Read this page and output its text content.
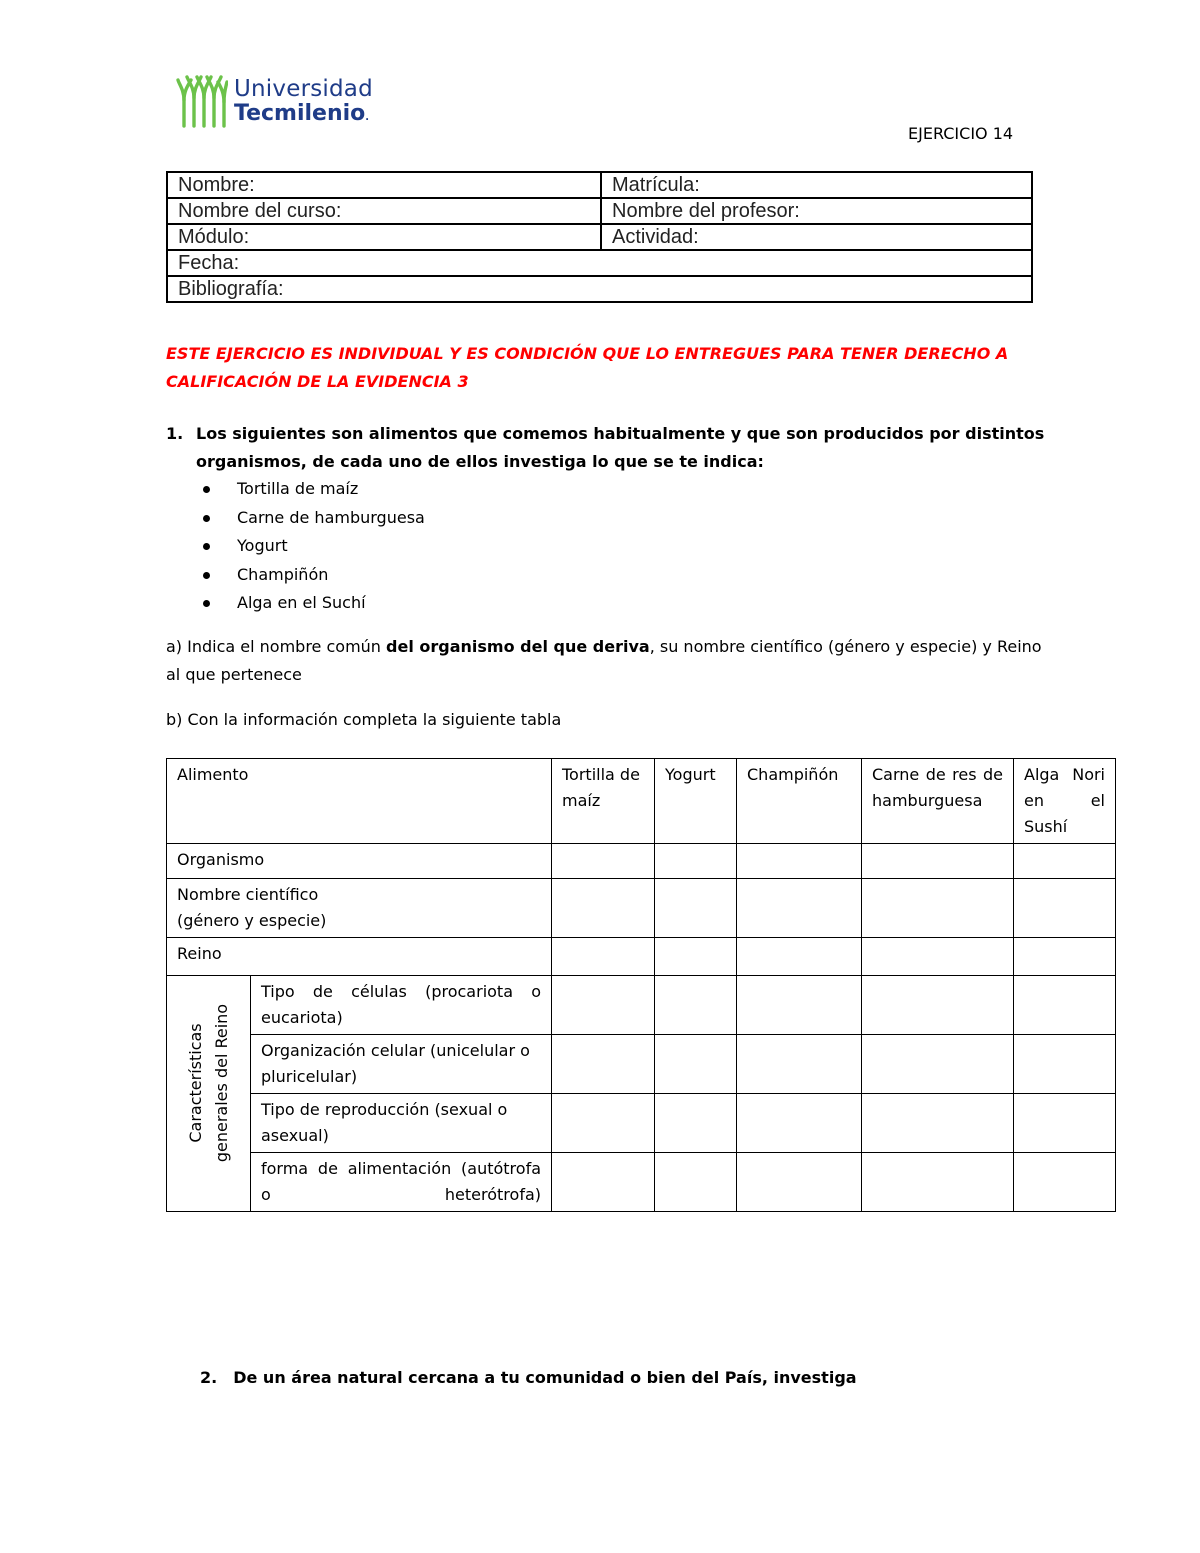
Universidad
Tecmilenio.
EJERCICIO 14
Nombre:	Matrícula:
Nombre del curso:	Nombre del profesor:
Módulo:	Actividad:
Fecha:	
Bibliografía:	
ESTE EJERCICIO ES INDIVIDUAL Y ES CONDICIÓN QUE LO ENTREGUES PARA TENER DERECHO A CALIFICACIÓN DE LA EVIDENCIA 3
1. Los siguientes son alimentos que comemos habitualmente y que son producidos por distintos organismos, de cada uno de ellos investiga lo que se te indica:
Tortilla de maíz
Carne de hamburguesa
Yogurt
Champiñón
Alga en el Suchí
a) Indica el nombre común del organismo del que deriva, su nombre científico (género y especie) y Reino al que pertenece
b) Con la información completa la siguiente tabla
Alimento		Tortilla de maíz	Yogurt	Champiñón	Carne de res de hamburguesa	Alga Nori en el Sushí
Organismo						

Nombre científico (género y especie)						

Reino						

Características generales del Reino	Tipo de células (procariota o eucariota)					
	Organización celular (unicelular o pluricelular)					
	Tipo de reproducción (sexual o asexual)					
	forma de alimentación (autótrofa o heterótrofa)					
2. De un área natural cercana a tu comunidad o bien del País, investiga
